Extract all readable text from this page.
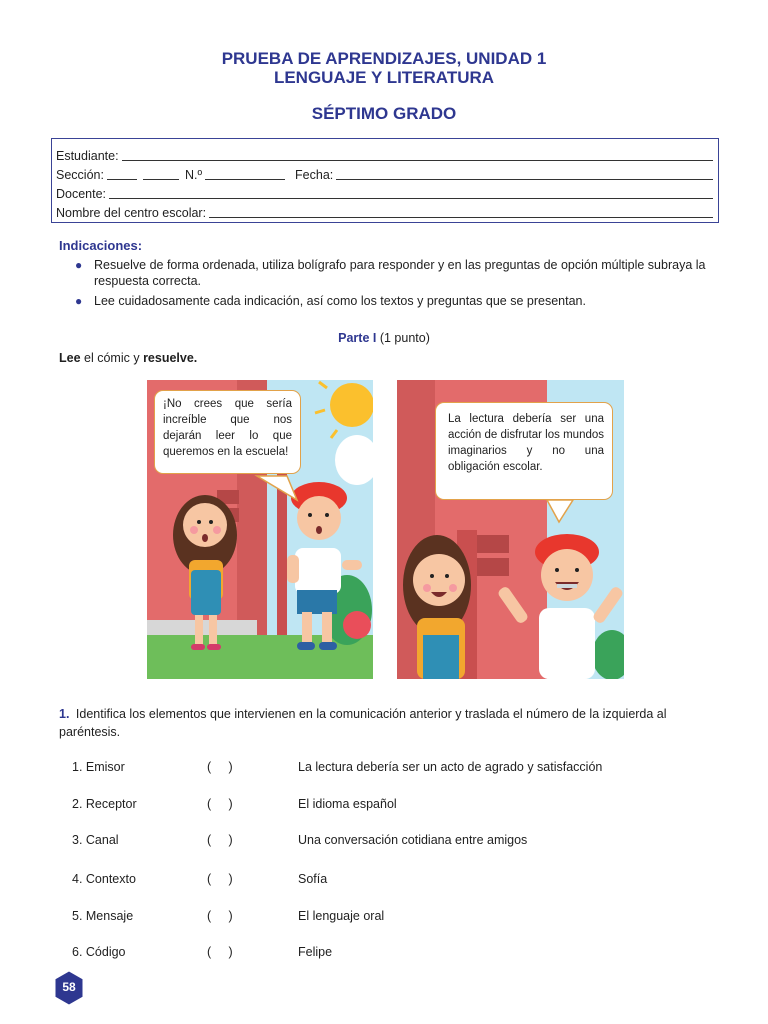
PRUEBA DE APRENDIZAJES, UNIDAD 1
LENGUAJE Y LITERATURA
SÉPTIMO GRADO
Estudiante:
Sección:	N.º	Fecha:
Docente:
Nombre del centro escolar:
Indicaciones:
● Resuelve de forma ordenada, utiliza bolígrafo para responder y en las preguntas de opción múltiple subraya la respuesta correcta.
● Lee cuidadosamente cada indicación, así como los textos y preguntas que se presentan.
Parte I (1 punto)
Lee el cómic y resuelve.
¡No crees que sería increíble que nos dejarán leer lo que queremos en la escuela!
La lectura debería ser una acción de disfrutar los mundos imaginarios y no una obligación escolar.
1. Identifica los elementos que intervienen en la comunicación anterior y traslada el número de la izquierda al paréntesis.
1. Emisor	(     )	La lectura debería ser un acto de agrado y satisfacción
2. Receptor	(     )	El idioma español
3. Canal	(     )	Una conversación cotidiana entre amigos
4. Contexto	(     )	Sofía
5. Mensaje	(     )	El lenguaje oral
6. Código	(     )	Felipe
58
